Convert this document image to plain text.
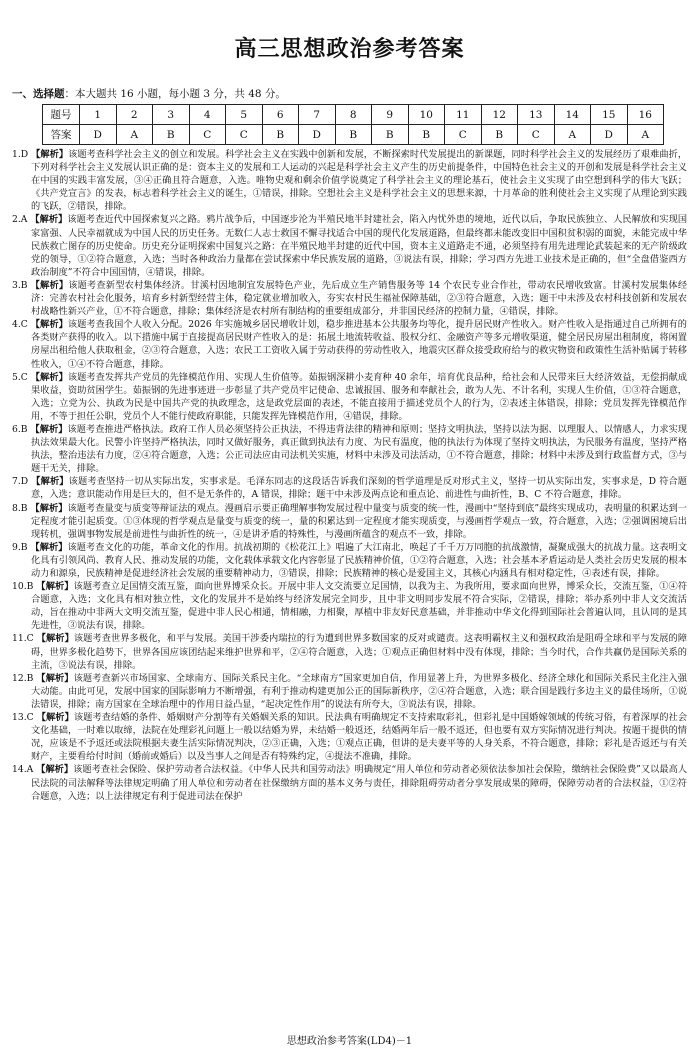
高三思想政治参考答案
一、选择题：本大题共 16 小题，每小题 3 分，共 48 分。
题号	1	2	3	4	5	6	7	8	9	10	11	12	13	14	15	16
答案	D	A	B	C	C	B	D	B	B	B	C	B	C	A	D	A

1.D 【解析】该题考查科学社会主义的创立和发展。科学社会主义在实践中创新和发展，不断探索时代发展提出的新课题，同时科学社会主义的发展经历了艰难曲折，下列对科学社会主义发展认识正确的是：资本主义的发展和工人运动的兴起是科学社会主义产生的历史前提条件，中国特色社会主义的开创和发展是科学社会主义在中国的实践丰富发展，③④正确且符合题意，入选。唯物史观和剩余价值学说奠定了科学社会主义的理论基石，使社会主义实现了由空想到科学的伟大飞跃；《共产党宣言》的发表，标志着科学社会主义的诞生，①错误，排除。空想社会主义是科学社会主义的思想来源，十月革命的胜利使社会主义实现了从理论到实践的飞跃，②错误，排除。

2.A 【解析】该题考查近代中国探索复兴之路。鸦片战争后，中国逐步沦为半殖民地半封建社会，陷入内忧外患的境地，近代以后，争取民族独立、人民解放和实现国家富强、人民幸福就成为中国人民的历史任务。无数仁人志士救国不懈寻找适合中国的现代化发展道路，但最终都未能改变旧中国积贫积弱的面貌，未能完成中华民族救亡图存的历史使命。历史充分证明探索中国复兴之路：在半殖民地半封建的近代中国，资本主义道路走不通，必须坚持有用先进理论武装起来的无产阶级政党的领导，①②符合题意，入选；当时各种政治力量都在尝试探索中华民族发展的道路，③说法有误，排除；学习西方先进工业技术是正确的，但“全盘借鉴西方政治制度”不符合中国国情，④错误，排除。

3.B 【解析】该题考查新型农村集体经济。甘溪村因地制宜发展特色产业，先后成立生产销售服务等 14 个农民专业合作社，带动农民增收致富。甘溪村发展集体经济：完善农村社会化服务，培育乡村新型经营主体，稳定就业增加收入，夯实农村民生福祉保障基础，②③符合题意，入选；题干中未涉及农村科技创新和发展农村战略性新兴产业，①不符合题意，排除；集体经济是农村所有制结构的重要组成部分，并非国民经济的控制力量，④错误，排除。

4.C 【解析】该题考查我国个人收入分配。2026 年实施城乡居民增收计划，稳步推进基本公共服务均等化，提升居民财产性收入。财产性收入是指通过自己所拥有的各类财产获得的收入。以下措施中属于直接提高居民财产性收入的是：拓展土地流转收益、股权分红、金融资产等多元增收渠道，健全居民房屋出租制度，将闲置房屋出租给他人获取租金，②③符合题意，入选；农民工工资收入属于劳动获得的劳动性收入，地震灾区群众接受政府给与的救灾物资和政策性生活补贴属于转移性收入，①④不符合题意，排除。

5.C 【解析】该题考查发挥共产党员的先锋模范作用、实现人生价值等。茹振钢深耕小麦育种 40 余年，培育优良品种，给社会和人民带来巨大经济效益，无偿捐献成果收益，资助贫困学生。茹振钢的先进事迹进一步彰显了共产党员牢记使命、忠诚报国、服务和奉献社会，敢为人先、不计名利，实现人生价值，①③符合题意，入选；立党为公、执政为民是中国共产党的执政理念，这是政党层面的表述，不能直接用于描述党员个人的行为，②表述主体错误，排除；党员发挥先锋模范作用，不等于担任公职，党员个人不能行使政府职能，只能发挥先锋模范作用，④错误，排除。

6.B 【解析】该题考查推进严格执法。政府工作人员必须坚持公正执法，不得违背法律的精神和原则；坚持文明执法，坚持以法为据、以理服人、以情感人，力求实现执法效果最大化。民警小许坚持严格执法，同时又做好服务，真正做到执法有力度、为民有温度，他的执法行为体现了坚持文明执法，为民服务有温度，坚持严格执法，整治违法有力度，②④符合题意，入选；公正司法应由司法机关实施，材料中未涉及司法活动，①不符合题意，排除；材料中未涉及到行政监督方式，③与题干无关，排除。

7.D 【解析】该题考查坚持一切从实际出发，实事求是。毛泽东同志的这段话告诉我们深刻的哲学道理是反对形式主义，坚持一切从实际出发，实事求是，D 符合题意，入选；意识能动作用是巨大的，但不是无条件的，A 错误，排除；题干中未涉及两点论和重点论、前进性与曲折性，B、C 不符合题意，排除。

8.B 【解析】该题考查量变与质变等辩证法的观点。漫画启示要正确理解事物发展过程中量变与质变的统一性，漫画中“坚持到底”最终实现成功，表明量的积累达到一定程度才能引起质变。①③体现的哲学观点是量变与质变的统一，量的积累达到一定程度才能实现质变，与漫画哲学观点一致，符合题意，入选；②强调困境后出现转机，强调事物发展是前进性与曲折性的统一，④是讲矛盾的特殊性，与漫画所蕴含的观点不一致，排除。

9.B 【解析】该题考查文化的功能，革命文化的作用。抗战初期的《松花江上》唱遍了大江南北，唤起了千千万万同胞的抗战激情，凝聚成强大的抗战力量。这表明文化具有引领风尚、教育人民、推动发展的功能，文化载体承载文化内容彰显了民族精神价值，①②符合题意，入选；社会基本矛盾运动是人类社会历史发展的根本动力和源泉，民族精神是促进经济社会发展的重要精神动力，③错误，排除；民族精神的核心是爱国主义，其核心内涵具有相对稳定性，④表述有误，排除。

10.B 【解析】该题考查立足国情交流互鉴，面向世界博采众长。开展中非人文交流要立足国情，以我为主、为我所用，要求面向世界，博采众长，交流互鉴，①④符合题意，入选；文化具有相对独立性，文化的发展并不是始终与经济发展完全同步，且中非文明同步发展不符合实际，②错误，排除；举办系列中非人文交流活动，旨在推动中非两大文明交流互鉴，促进中非人民心相通，情相融，力相聚，厚植中非友好民意基础，并非推动中华文化得到国际社会普遍认同，且认同的是其先进性，③说法有误，排除。

11.C 【解析】该题考查世界多极化，和平与发展。美国干涉委内瑞拉的行为遭到世界多数国家的反对或谴责。这表明霸权主义和强权政治是阻碍全球和平与发展的障碍，世界多极化趋势下，世界各国应该团结起来维护世界和平，②④符合题意，入选；①观点正确但材料中没有体现，排除；当今时代，合作共赢仍是国际关系的主流，③说法有误，排除。

12.B 【解析】该题考查新兴市场国家、全球南方、国际关系民主化。“全球南方”国家更加自信，作用显著上升，为世界多极化、经济全球化和国际关系民主化注入强大动能。由此可见，发展中国家的国际影响力不断增强，有利于推动构建更加公正的国际新秩序，②④符合题意，入选；联合国是践行多边主义的最佳场所，①说法错误，排除；南方国家在全球治理中的作用日益凸显，“起决定性作用”的说法有所夸大，③说法有误，排除。

13.C 【解析】该题考查结婚的条件、婚姻财产分割等有关婚姻关系的知识。民法典有明确规定不支持索取彩礼，但彩礼是中国婚嫁领域的传统习俗，有着深厚的社会文化基础，一时难以取缔，法院在处理彩礼问题上一般以结婚为界，未结婚一般返还，结婚两年后一般不返还，但也要有双方实际情况进行判决。按题干提供的情况，应该是不予返还或法院根据夫妻生活实际情况判决，②③正确，入选；①观点正确，但讲的是夫妻平等的人身关系，不符合题意，排除；彩礼是否返还与有关财产，主要看给付时间（婚前或婚后）以及当事人之间是否有特殊约定，④提法不准确，排除。

14.A 【解析】该题考查社会保险、保护劳动者合法权益。《中华人民共和国劳动法》明确规定“用人单位和劳动者必须依法参加社会保险，缴纳社会保险费”又以最高人民法院的司法解释等法律规定明确了用人单位和劳动者在社保缴纳方面的基本义务与责任，排除阻碍劳动者分享发展成果的障碍，保障劳动者的合法权益，①②符合题意，入选；以上法律规定有利于促进司法在保护

思想政治参考答案(LD4)－1
